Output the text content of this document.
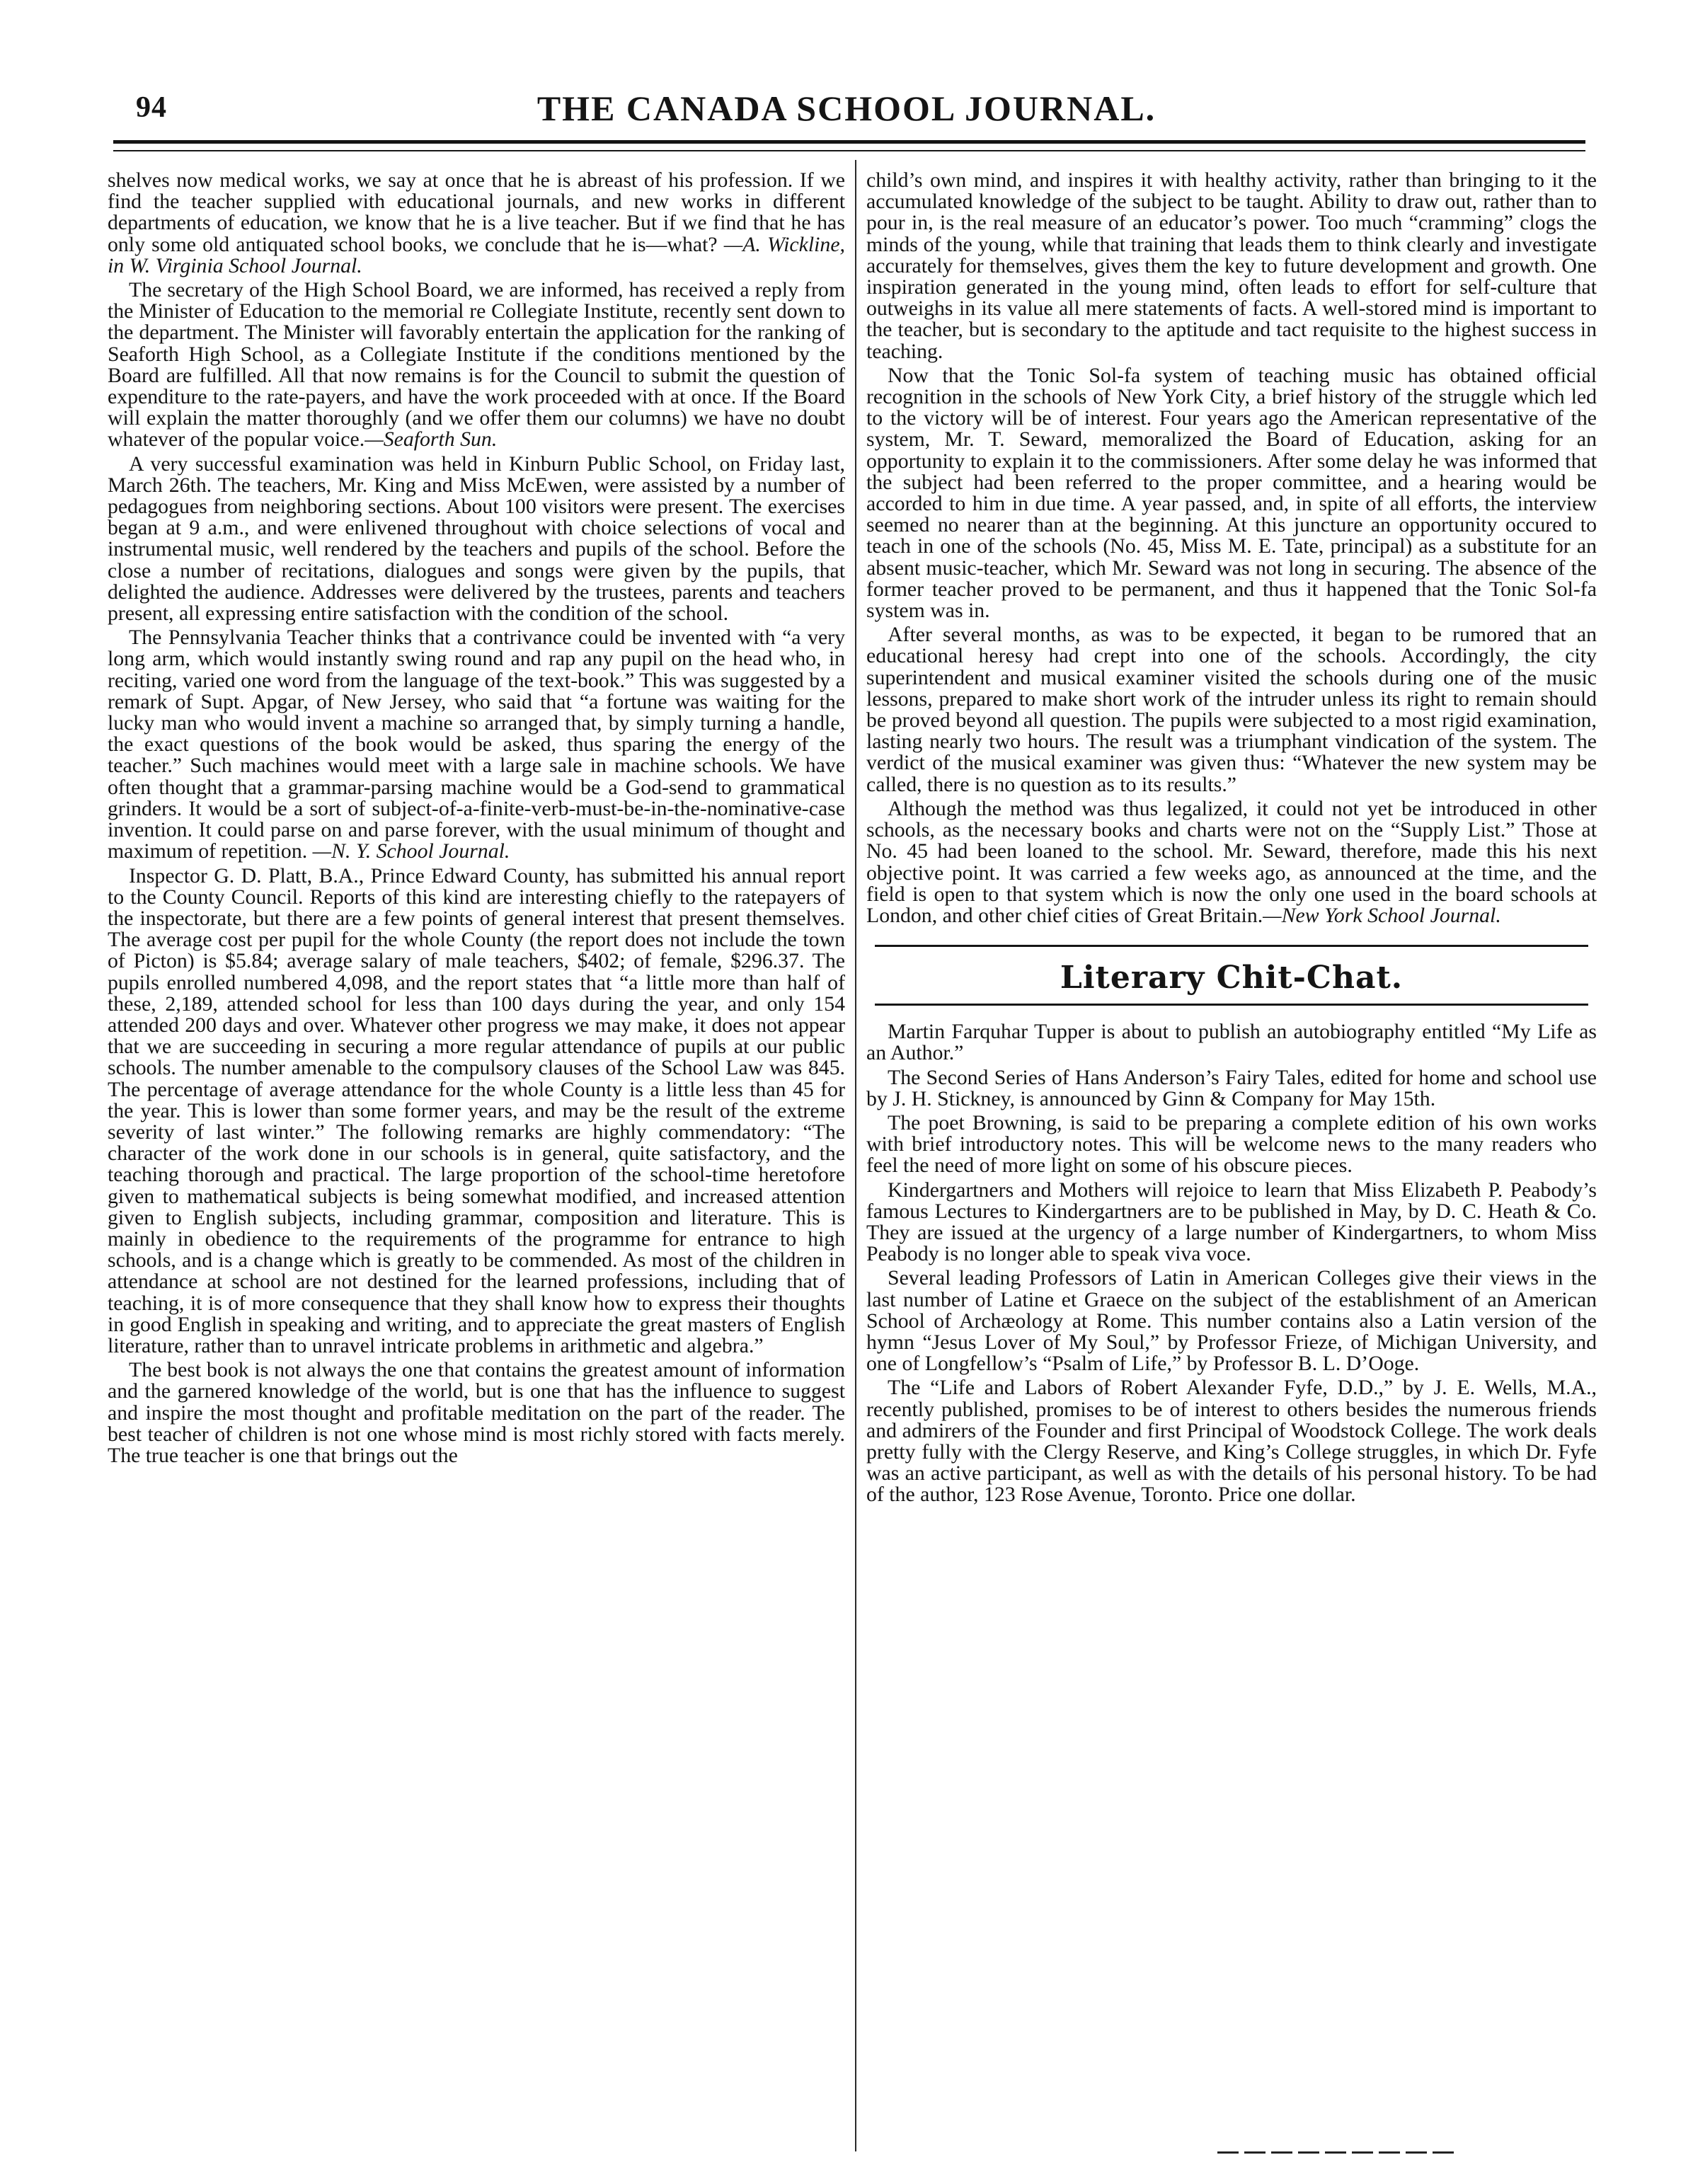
94	THE CANADA SCHOOL JOURNAL.

shelves now medical works, we say at once that he is abreast of his profession. If we find the teacher supplied with educational journals, and new works in different departments of education, we know that he is a live teacher. But if we find that he has only some old antiquated school books, we conclude that he is—what? —A. Wickline, in W. Virginia School Journal.

The secretary of the High School Board, we are informed, has received a reply from the Minister of Education to the memorial re Collegiate Institute, recently sent down to the department. The Minister will favorably entertain the application for the ranking of Seaforth High School, as a Collegiate Institute if the conditions mentioned by the Board are fulfilled. All that now remains is for the Council to submit the question of expenditure to the rate-payers, and have the work proceeded with at once. If the Board will explain the matter thoroughly (and we offer them our columns) we have no doubt whatever of the popular voice.—Seaforth Sun.

A very successful examination was held in Kinburn Public School, on Friday last, March 26th. The teachers, Mr. King and Miss McEwen, were assisted by a number of pedagogues from neighboring sections. About 100 visitors were present. The exercises began at 9 a.m., and were enlivened throughout with choice selections of vocal and instrumental music, well rendered by the teachers and pupils of the school. Before the close a number of recitations, dialogues and songs were given by the pupils, that delighted the audience. Addresses were delivered by the trustees, parents and teachers present, all expressing entire satisfaction with the condition of the school.

The Pennsylvania Teacher thinks that a contrivance could be invented with “a very long arm, which would instantly swing round and rap any pupil on the head who, in reciting, varied one word from the language of the text-book.” This was suggested by a remark of Supt. Apgar, of New Jersey, who said that “a fortune was waiting for the lucky man who would invent a machine so arranged that, by simply turning a handle, the exact questions of the book would be asked, thus sparing the energy of the teacher.” Such machines would meet with a large sale in machine schools. We have often thought that a grammar-parsing machine would be a God-send to grammatical grinders. It would be a sort of subject-of-a-finite-verb-must-be-in-the-nominative-case invention. It could parse on and parse forever, with the usual minimum of thought and maximum of repetition. —N. Y. School Journal.

Inspector G. D. Platt, B.A., Prince Edward County, has submitted his annual report to the County Council. Reports of this kind are interesting chiefly to the ratepayers of the inspectorate, but there are a few points of general interest that present themselves. The average cost per pupil for the whole County (the report does not include the town of Picton) is $5.84; average salary of male teachers, $402; of female, $296.37. The pupils enrolled numbered 4,098, and the report states that “a little more than half of these, 2,189, attended school for less than 100 days during the year, and only 154 attended 200 days and over. Whatever other progress we may make, it does not appear that we are succeeding in securing a more regular attendance of pupils at our public schools. The number amenable to the compulsory clauses of the School Law was 845. The percentage of average attendance for the whole County is a little less than 45 for the year. This is lower than some former years, and may be the result of the extreme severity of last winter.” The following remarks are highly commendatory: “The character of the work done in our schools is in general, quite satisfactory, and the teaching thorough and practical. The large proportion of the school-time heretofore given to mathematical subjects is being somewhat modified, and increased attention given to English subjects, including grammar, composition and literature. This is mainly in obedience to the requirements of the programme for entrance to high schools, and is a change which is greatly to be commended. As most of the children in attendance at school are not destined for the learned professions, including that of teaching, it is of more consequence that they shall know how to express their thoughts in good English in speaking and writing, and to appreciate the great masters of English literature, rather than to unravel intricate problems in arithmetic and algebra.”

The best book is not always the one that contains the greatest amount of information and the garnered knowledge of the world, but is one that has the influence to suggest and inspire the most thought and profitable meditation on the part of the reader. The best teacher of children is not one whose mind is most richly stored with facts merely. The true teacher is one that brings out the

child’s own mind, and inspires it with healthy activity, rather than bringing to it the accumulated knowledge of the subject to be taught. Ability to draw out, rather than to pour in, is the real measure of an educator’s power. Too much “cramming” clogs the minds of the young, while that training that leads them to think clearly and investigate accurately for themselves, gives them the key to future development and growth. One inspiration generated in the young mind, often leads to effort for self-culture that outweighs in its value all mere statements of facts. A well-stored mind is important to the teacher, but is secondary to the aptitude and tact requisite to the highest success in teaching.

Now that the Tonic Sol-fa system of teaching music has obtained official recognition in the schools of New York City, a brief history of the struggle which led to the victory will be of interest. Four years ago the American representative of the system, Mr. T. Seward, memoralized the Board of Education, asking for an opportunity to explain it to the commissioners. After some delay he was informed that the subject had been referred to the proper committee, and a hearing would be accorded to him in due time. A year passed, and, in spite of all efforts, the interview seemed no nearer than at the beginning. At this juncture an opportunity occured to teach in one of the schools (No. 45, Miss M. E. Tate, principal) as a substitute for an absent music-teacher, which Mr. Seward was not long in securing. The absence of the former teacher proved to be permanent, and thus it happened that the Tonic Sol-fa system was in.

After several months, as was to be expected, it began to be rumored that an educational heresy had crept into one of the schools. Accordingly, the city superintendent and musical examiner visited the schools during one of the music lessons, prepared to make short work of the intruder unless its right to remain should be proved beyond all question. The pupils were subjected to a most rigid examination, lasting nearly two hours. The result was a triumphant vindication of the system. The verdict of the musical examiner was given thus: “Whatever the new system may be called, there is no question as to its results.”

Although the method was thus legalized, it could not yet be introduced in other schools, as the necessary books and charts were not on the “Supply List.” Those at No. 45 had been loaned to the school. Mr. Seward, therefore, made this his next objective point. It was carried a few weeks ago, as announced at the time, and the field is open to that system which is now the only one used in the board schools at London, and other chief cities of Great Britain.—New York School Journal.

Literary Chit-Chat.

Martin Farquhar Tupper is about to publish an autobiography entitled “My Life as an Author.”

The Second Series of Hans Anderson’s Fairy Tales, edited for home and school use by J. H. Stickney, is announced by Ginn & Company for May 15th.

The poet Browning, is said to be preparing a complete edition of his own works with brief introductory notes. This will be welcome news to the many readers who feel the need of more light on some of his obscure pieces.

Kindergartners and Mothers will rejoice to learn that Miss Elizabeth P. Peabody’s famous Lectures to Kindergartners are to be published in May, by D. C. Heath & Co. They are issued at the urgency of a large number of Kindergartners, to whom Miss Peabody is no longer able to speak viva voce.

Several leading Professors of Latin in American Colleges give their views in the last number of Latine et Graece on the subject of the establishment of an American School of Archæology at Rome. This number contains also a Latin version of the hymn “Jesus Lover of My Soul,” by Professor Frieze, of Michigan University, and one of Longfellow’s “Psalm of Life,” by Professor B. L. D’Ooge.

The “Life and Labors of Robert Alexander Fyfe, D.D.,” by J. E. Wells, M.A., recently published, promises to be of interest to others besides the numerous friends and admirers of the Founder and first Principal of Woodstock College. The work deals pretty fully with the Clergy Reserve, and King’s College struggles, in which Dr. Fyfe was an active participant, as well as with the details of his personal history. To be had of the author, 123 Rose Avenue, Toronto. Price one dollar.
